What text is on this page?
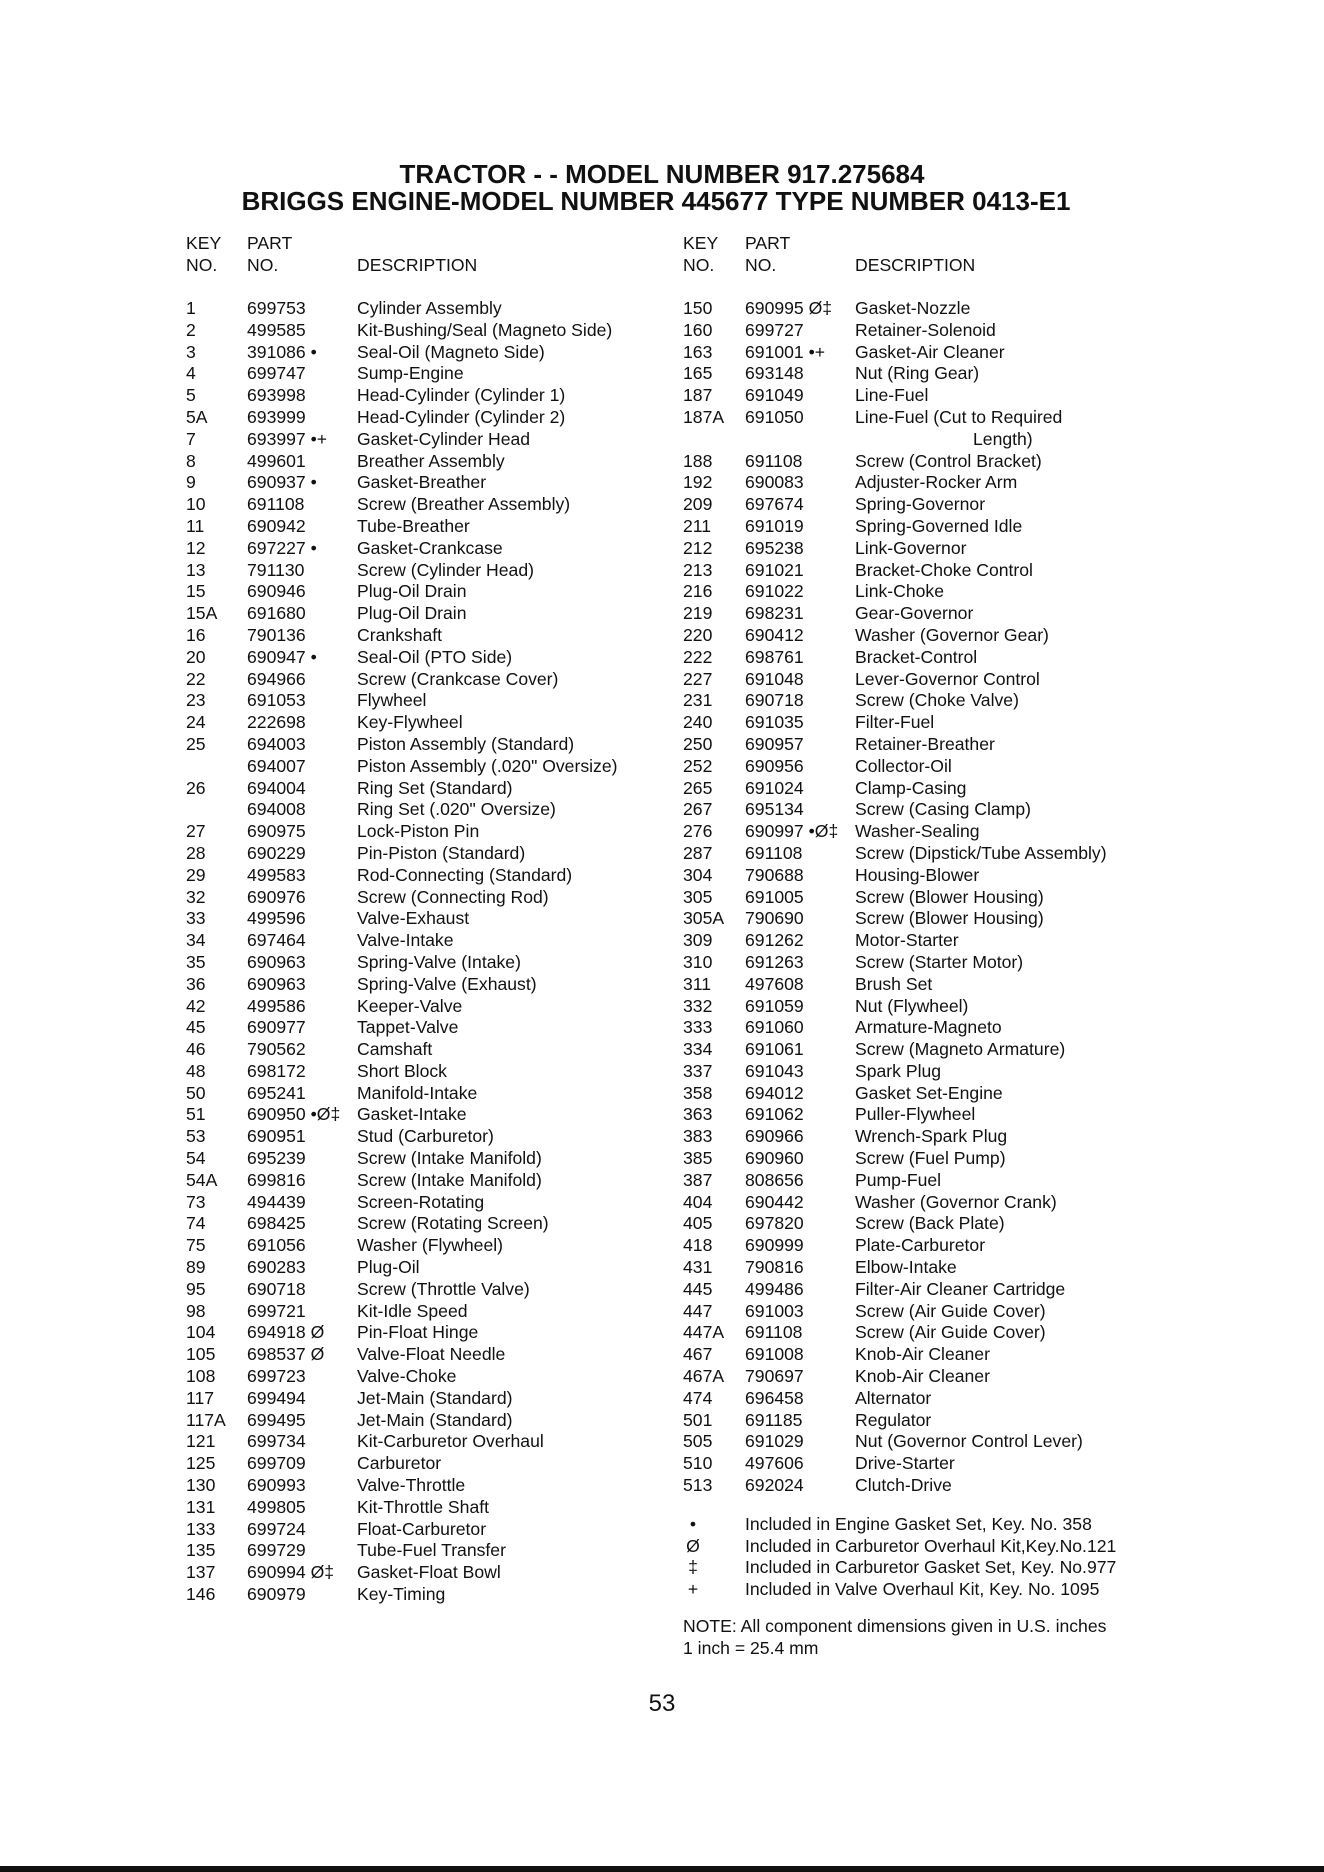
TRACTOR - - MODEL NUMBER 917.275684
BRIGGS ENGINE-MODEL NUMBER 445677 TYPE NUMBER 0413-E1
KEY
NO.
PART
NO.	DESCRIPTION
1	699753	Cylinder Assembly
2	499585	Kit-Bushing/Seal (Magneto Side)
3	391086 • Seal-Oil (Magneto Side)
4	699747	Sump-Engine
5	693998	Head-Cylinder (Cylinder 1)
5A 693999	Head-Cylinder (Cylinder 2)
7	693997 •+ Gasket-Cylinder Head
8	499601	Breather Assembly
9	690937 • Gasket-Breather
10 691108	Screw (Breather Assembly)
11 690942	Tube-Breather
12 697227 • Gasket-Crankcase
13 791130	Screw (Cylinder Head)
15 690946	Plug-Oil Drain
15A 691680	Plug-Oil Drain
16 790136	Crankshaft
20 690947 • Seal-Oil (PTO Side)
22 694966	Screw (Crankcase Cover)
23 691053	Flywheel
24 222698	Key-Flywheel
25 694003	Piston Assembly (Standard)
694007	Piston Assembly (.020" Oversize)
26 694004	Ring Set (Standard)
694008	Ring Set (.020" Oversize)
27 690975	Lock-Piston Pin
28 690229	Pin-Piston (Standard)
29 499583	Rod-Connecting (Standard)
32 690976	Screw (Connecting Rod)
33 499596	Valve-Exhaust
34 697464	Valve-Intake
35 690963	Spring-Valve (Intake)
36 690963	Spring-Valve (Exhaust)
42 499586	Keeper-Valve
45 690977	Tappet-Valve
46 790562	Camshaft
48 698172	Short Block
50 695241	Manifold-Intake
51 690950 •Ø‡ Gasket-Intake
53 690951	Stud (Carburetor)
54 695239	Screw (Intake Manifold)
54A 699816	Screw (Intake Manifold)
73 494439	Screen-Rotating
74 698425	Screw (Rotating Screen)
75 691056	Washer (Flywheel)
89 690283	Plug-Oil
95 690718	Screw (Throttle Valve)
98 699721	Kit-Idle Speed
104 694918 Ø Pin-Float Hinge
105 698537 Ø Valve-Float Needle
108 699723	Valve-Choke
117 699494	Jet-Main (Standard)
117A 699495	Jet-Main (Standard)
121 699734	Kit-Carburetor Overhaul
125 699709	Carburetor
130 690993	Valve-Throttle
131 499805	Kit-Throttle Shaft
133 699724	Float-Carburetor
135 699729	Tube-Fuel Transfer
137 690994 Ø‡ Gasket-Float Bowl
146 690979	Key-Timing
KEY
NO.
PART
NO.	DESCRIPTION
150 690995 Ø‡ Gasket-Nozzle
160 699727	Retainer-Solenoid
163 691001 •+ Gasket-Air Cleaner
165 693148	Nut (Ring Gear)
187 691049	Line-Fuel
187A 691050	Line-Fuel (Cut to Required
Length)
188 691108	Screw (Control Bracket)
192 690083	Adjuster-Rocker Arm
209 697674	Spring-Governor
211 691019	Spring-Governed Idle
212 695238	Link-Governor
213 691021	Bracket-Choke Control
216 691022	Link-Choke
219 698231	Gear-Governor
220 690412	Washer (Governor Gear)
222 698761	Bracket-Control
227 691048	Lever-Governor Control
231 690718	Screw (Choke Valve)
240 691035	Filter-Fuel
250 690957	Retainer-Breather
252 690956	Collector-Oil
265 691024	Clamp-Casing
267 695134	Screw (Casing Clamp)
276 690997 •Ø‡ Washer-Sealing
287 691108	Screw (Dipstick/Tube Assembly)
304 790688	Housing-Blower
305 691005	Screw (Blower Housing)
305A 790690	Screw (Blower Housing)
309 691262	Motor-Starter
310 691263	Screw (Starter Motor)
311 497608	Brush Set
332 691059	Nut (Flywheel)
333 691060	Armature-Magneto
334 691061	Screw (Magneto Armature)
337 691043	Spark Plug
358 694012	Gasket Set-Engine
363 691062	Puller-Flywheel
383 690966	Wrench-Spark Plug
385 690960	Screw (Fuel Pump)
387 808656	Pump-Fuel
404 690442	Washer (Governor Crank)
405 697820	Screw (Back Plate)
418 690999	Plate-Carburetor
431 790816	Elbow-Intake
445 499486	Filter-Air Cleaner Cartridge
447 691003	Screw (Air Guide Cover)
447A 691108	Screw (Air Guide Cover)
467 691008	Knob-Air Cleaner
467A 790697	Knob-Air Cleaner
474 696458	Alternator
501 691185	Regulator
505 691029	Nut (Governor Control Lever)
510 497606	Drive-Starter
513 692024	Clutch-Drive
•	Included in Engine Gasket Set, Key. No. 358
Ø	Included in Carburetor Overhaul Kit,Key.No.121
‡	Included in Carburetor Gasket Set, Key. No.977
+	Included in Valve Overhaul Kit, Key. No. 1095
NOTE: All component dimensions given in U.S. inches
1 inch = 25.4 mm
53
